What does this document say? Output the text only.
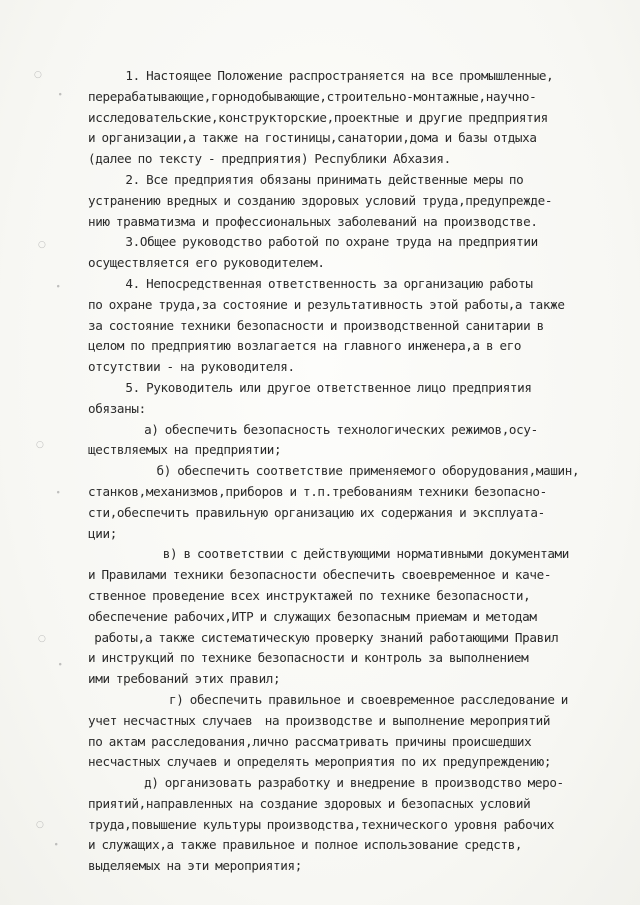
○
∙
○
∙
○
∙
○
∙
○
∙
1. Настоящее Положение распространяется на все промышленные,
перерабатывающие,горнодобывающие,строительно-монтажные,научно-
исследовательские,конструкторские,проектные и другие предприятия
и организации,а также на гостиницы,санатории,дома и базы отдыха
(далее по тексту - предприятия) Республики Абхазия.
2. Все предприятия обязаны принимать действенные меры по
устранению вредных и созданию здоровых условий труда,предупрежде-
нию травматизма и профессиональных заболеваний на производстве.
3.Общее руководство работой по охране труда на предприятии
осуществляется его руководителем.
4. Непосредственная ответственность за организацию работы
по охране труда,за состояние и результативность этой работы,а также
за состояние техники безопасности и производственной санитарии в
целом по предприятию возлагается на главного инженера,а в его
отсутствии - на руководителя.
5. Руководитель или другое ответственное лицо предприятия
обязаны:
а) обеспечить безопасность технологических режимов,осу-
ществляемых на предприятии;
б) обеспечить соответствие применяемого оборудования,машин,
станков,механизмов,приборов и т.п.требованиям техники безопасно-
сти,обеспечить правильную организацию их содержания и эксплуата-
ции;
в) в соответствии с действующими нормативными документами
и Правилами техники безопасности обеспечить своевременное и каче-
ственное проведение всех инструктажей по технике безопасности,
обеспечение рабочих,ИТР и служащих безопасным приемам и методам
работы,а также систематическую проверку знаний работающими Правил
и инструкций по технике безопасности и контроль за выполнением
ими требований этих правил;
г) обеспечить правильное и своевременное расследование и
учет несчастных случаев  на производстве и выполнение мероприятий
по актам расследования,лично рассматривать причины происшедших
несчастных случаев и определять мероприятия по их предупреждению;
д) организовать разработку и внедрение в производство меро-
приятий,направленных на создание здоровых и безопасных условий
труда,повышение культуры производства,технического уровня рабочих
и служащих,а также правильное и полное использование средств,
выделяемых на эти мероприятия;
